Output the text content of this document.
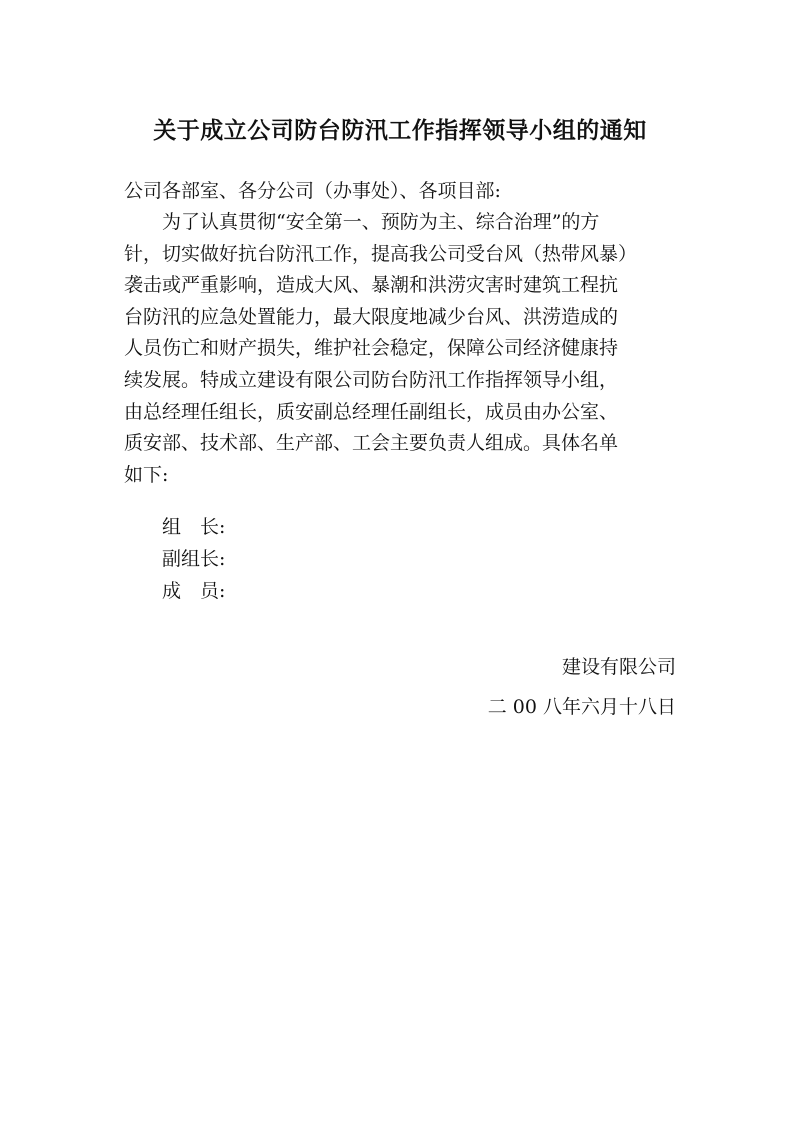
关于成立公司防台防汛工作指挥领导小组的通知
公司各部室、各分公司（办事处）、各项目部:
为了认真贯彻“安全第一、预防为主、综合治理”的方
针，切实做好抗台防汛工作，提高我公司受台风（热带风暴）
袭击或严重影响，造成大风、暴潮和洪涝灾害时建筑工程抗
台防汛的应急处置能力，最大限度地减少台风、洪涝造成的
人员伤亡和财产损失，维护社会稳定，保障公司经济健康持
续发展。特成立建设有限公司防台防汛工作指挥领导小组，
由总经理任组长，质安副总经理任副组长，成员由办公室、
质安部、技术部、生产部、工会主要负责人组成。具体名单
如下:
组　长:
副组长:
成　员:
建设有限公司
二 00 八年六月十八日
